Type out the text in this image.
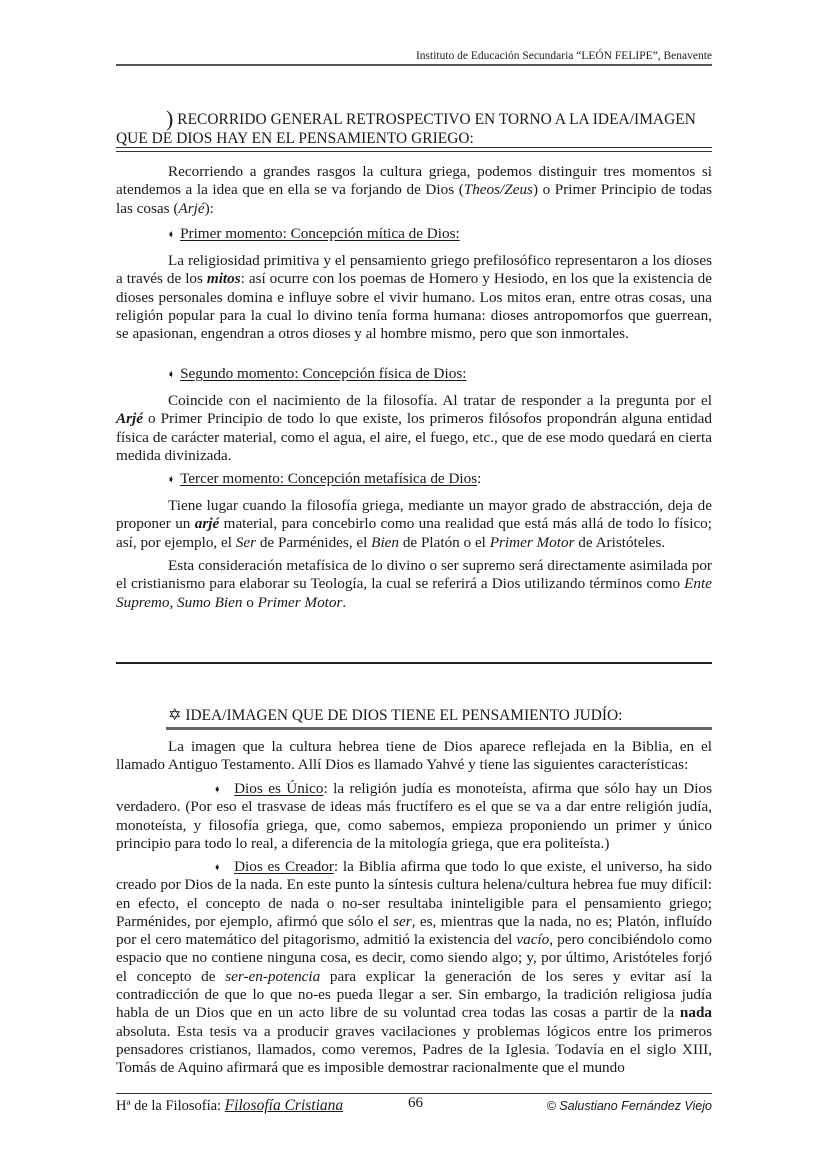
Instituto de Educación Secundaria “LEÓN FELIPE”, Benavente
) RECORRIDO GENERAL RETROSPECTIVO EN TORNO A LA IDEA/IMAGEN
QUE DE DIOS HAY EN EL PENSAMIENTO GRIEGO:

Recorriendo a grandes rasgos la cultura griega, podemos distinguir tres momentos si atendemos a la idea que en ella se va forjando de Dios (Theos/Zeus) o Primer Principio de todas las cosas (Arjé):

➧ Primer momento: Concepción mítica de Dios:

La religiosidad primitiva y el pensamiento griego prefilosófico representaron a los dioses a través de los mitos: así ocurre con los poemas de Homero y Hesiodo, en los que la existencia de dioses personales domina e influye sobre el vivir humano. Los mitos eran, entre otras cosas, una religión popular para la cual lo divino tenía forma humana: dioses antropomorfos que guerrean, se apasionan, engendran a otros dioses y al hombre mismo, pero que son inmortales.

➧ Segundo momento: Concepción física de Dios:

Coincide con el nacimiento de la filosofía. Al tratar de responder a la pregunta por el Arjé o Primer Principio de todo lo que existe, los primeros filósofos propondrán alguna entidad física de carácter material, como el agua, el aire, el fuego, etc., que de ese modo quedará en cierta medida divinizada.

➧ Tercer momento: Concepción metafísica de Dios:

Tiene lugar cuando la filosofía griega, mediante un mayor grado de abstracción, deja de proponer un arjé material, para concebirlo como una realidad que está más allá de todo lo físico; así, por ejemplo, el Ser de Parménides, el Bien de Platón o el Primer Motor de Aristóteles.

Esta consideración metafísica de lo divino o ser supremo será directamente asimilada por el cristianismo para elaborar su Teología, la cual se referirá a Dios utilizando términos como Ente Supremo, Sumo Bien o Primer Motor.

✡ IDEA/IMAGEN QUE DE DIOS TIENE EL PENSAMIENTO JUDÍO:

La imagen que la cultura hebrea tiene de Dios aparece reflejada en la Biblia, en el llamado Antiguo Testamento. Allí Dios es llamado Yahvé y tiene las siguientes características:

➧ Dios es Único: la religión judía es monoteísta, afirma que sólo hay un Dios verdadero. (Por eso el trasvase de ideas más fructífero es el que se va a dar entre religión judía, monoteísta, y filosofía griega, que, como sabemos, empieza proponiendo un primer y único principio para todo lo real, a diferencia de la mitología griega, que era politeísta.)

➧ Dios es Creador: la Biblia afirma que todo lo que existe, el universo, ha sido creado por Dios de la nada. En este punto la síntesis cultura helena/cultura hebrea fue muy difícil: en efecto, el concepto de nada o no-ser resultaba ininteligible para el pensamiento griego; Parménides, por ejemplo, afirmó que sólo el ser, es, mientras que la nada, no es; Platón, influído por el cero matemático del pitagorismo, admitió la existencia del vacío, pero concibiéndolo como espacio que no contiene ninguna cosa, es decir, como siendo algo; y, por último, Aristóteles forjó el concepto de ser-en-potencia para explicar la generación de los seres y evitar así la contradicción de que lo que no-es pueda llegar a ser. Sin embargo, la tradición religiosa judía habla de un Dios que en un acto libre de su voluntad crea todas las cosas a partir de la nada absoluta. Esta tesis va a producir graves vacilaciones y problemas lógicos entre los primeros pensadores cristianos, llamados, como veremos, Padres de la Iglesia. Todavía en el siglo XIII, Tomás de Aquino afirmará que es imposible demostrar racionalmente que el mundo

Hª de la Filosofía: Filosofía Cristiana	66	© Salustiano Fernández Viejo
